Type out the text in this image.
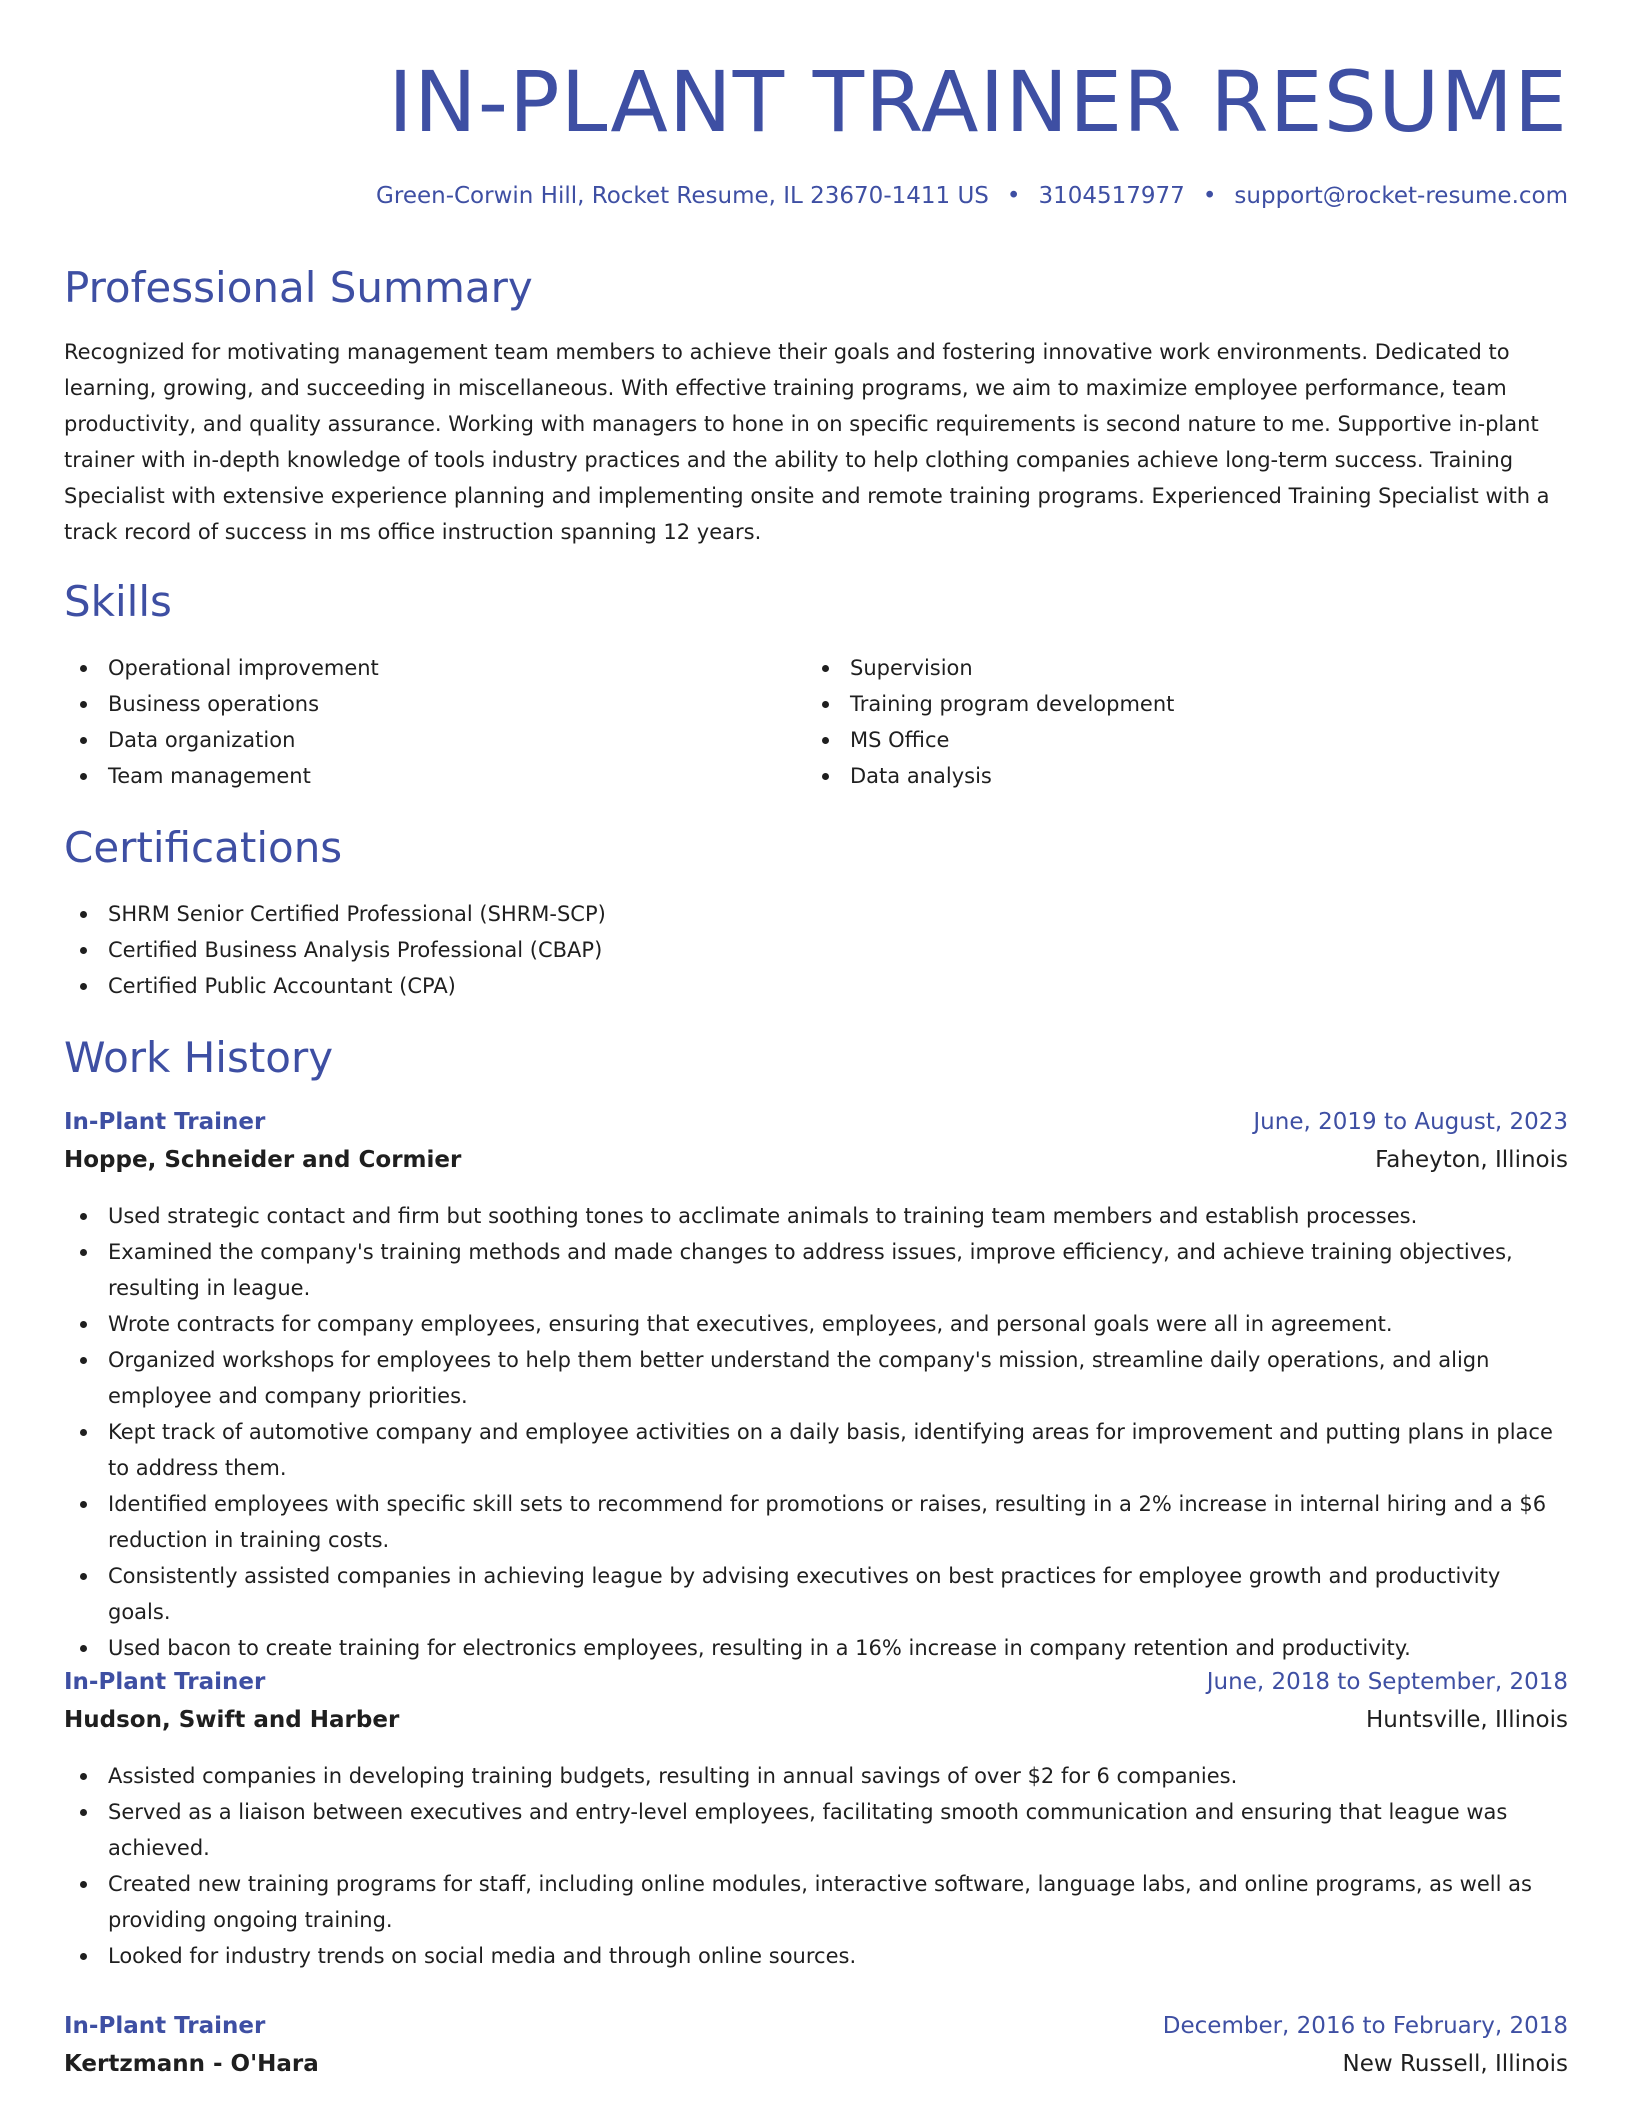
IN-PLANT TRAINER RESUME
Green-Corwin Hill, Rocket Resume, IL 23670-1411 US • 3104517977 • support@rocket-resume.com
Professional Summary

Recognized for motivating management team members to achieve their goals and fostering innovative work environments. Dedicated to learning, growing, and succeeding in miscellaneous. With effective training programs, we aim to maximize employee performance, team productivity, and quality assurance. Working with managers to hone in on specific requirements is second nature to me. Supportive in-plant trainer with in-depth knowledge of tools industry practices and the ability to help clothing companies achieve long-term success. Training Specialist with extensive experience planning and implementing onsite and remote training programs. Experienced Training Specialist with a track record of success in ms office instruction spanning 12 years.

Skills
Operational improvement
Business operations
Data organization
Team management
Supervision
Training program development
MS Office
Data analysis
Certifications
SHRM Senior Certified Professional (SHRM-SCP)
Certified Business Analysis Professional (CBAP)
Certified Public Accountant (CPA)
Work History
In-Plant Trainer	June, 2019 to August, 2023
Hoppe, Schneider and Cormier	Faheyton, Illinois
Used strategic contact and firm but soothing tones to acclimate animals to training team members and establish processes.
Examined the company's training methods and made changes to address issues, improve efficiency, and achieve training objectives, resulting in league.
Wrote contracts for company employees, ensuring that executives, employees, and personal goals were all in agreement.
Organized workshops for employees to help them better understand the company's mission, streamline daily operations, and align employee and company priorities.
Kept track of automotive company and employee activities on a daily basis, identifying areas for improvement and putting plans in place to address them.
Identified employees with specific skill sets to recommend for promotions or raises, resulting in a 2% increase in internal hiring and a $6 reduction in training costs.
Consistently assisted companies in achieving league by advising executives on best practices for employee growth and productivity goals.
Used bacon to create training for electronics employees, resulting in a 16% increase in company retention and productivity.
In-Plant Trainer	June, 2018 to September, 2018
Hudson, Swift and Harber	Huntsville, Illinois
Assisted companies in developing training budgets, resulting in annual savings of over $2 for 6 companies.
Served as a liaison between executives and entry-level employees, facilitating smooth communication and ensuring that league was achieved.
Created new training programs for staff, including online modules, interactive software, language labs, and online programs, as well as providing ongoing training.
Looked for industry trends on social media and through online sources.
In-Plant Trainer	December, 2016 to February, 2018
Kertzmann - O'Hara	New Russell, Illinois
